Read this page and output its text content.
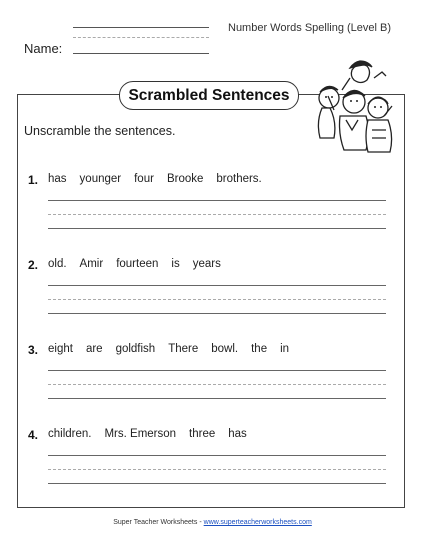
Number Words Spelling (Level B)
Name:
Scrambled Sentences
Unscramble the sentences.
1. has younger four Brooke brothers.
2. old. Amir fourteen is years
3. eight are goldfish There bowl. the in
4. children. Mrs. Emerson three has
Super Teacher Worksheets - www.superteacherworksheets.com
